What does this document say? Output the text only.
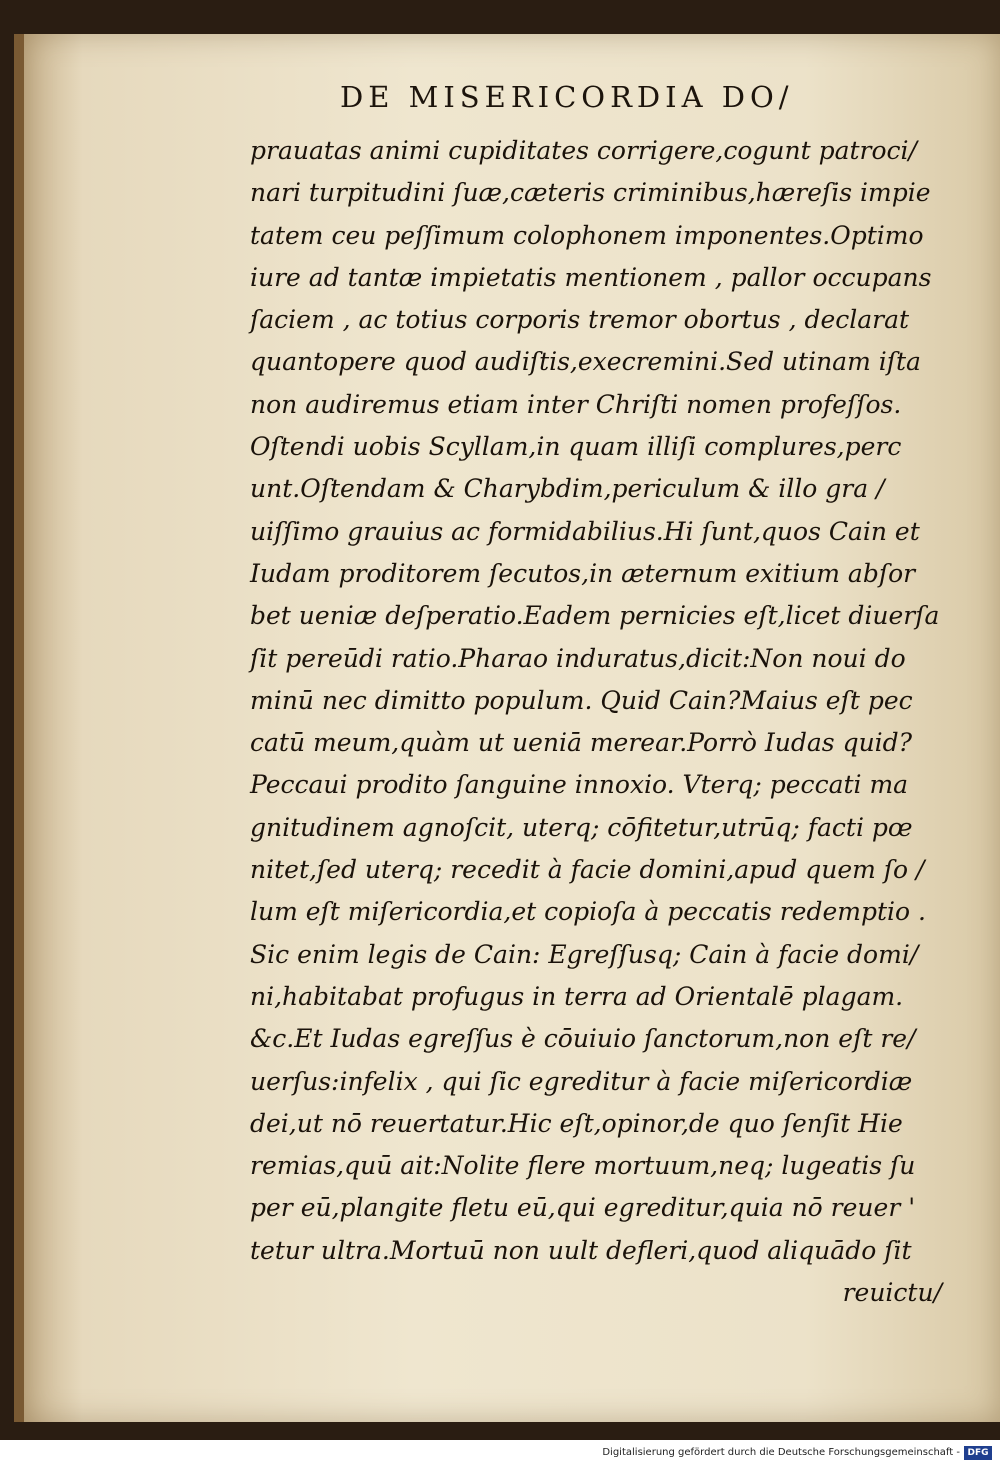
DE MISERICORDIA DO/
prauatas animi cupiditates corrigere,cogunt patroci/
nari turpitudini ſuæ,cæteris criminibus,hæreſis impie
tatem ceu peſſimum colophonem imponentes.Optimo
iure ad tantæ impietatis mentionem , pallor occupans
ſaciem , ac totius corporis tremor obortus , declarat
quantopere quod audiſtis,execremini.Sed utinam iſta
non audiremus etiam inter Chriſti nomen profeſſos.
Oſtendi uobis Scyllam,in quam illiſi complures,perc
unt.Oſtendam & Charybdim,periculum & illo gra /
uiſſimo grauius ac formidabilius.Hi ſunt,quos Cain et
Iudam proditorem ſecutos,in æternum exitium abſor
bet ueniæ deſperatio.Eadem pernicies eſt,licet diuerſa
ſit pereūdi ratio.Pharao induratus,dicit:Non noui do
minū nec dimitto populum. Quid Cain?Maius eſt pec
catū meum,quàm ut ueniā merear.Porrò Iudas quid?
Peccaui prodito ſanguine innoxio. Vterq; peccati ma
gnitudinem agnoſcit, uterq; cōfitetur,utrūq; facti pœ
nitet,ſed uterq; recedit à facie domini,apud quem ſo /
lum eſt miſericordia,et copioſa à peccatis redemptio .
Sic enim legis de Cain: Egreſſusq; Cain à facie domi/
ni,habitabat profugus in terra ad Orientalē plagam.
&c.Et Iudas egreſſus è cōuiuio ſanctorum,non eſt re/
uerſus:infelix , qui ſic egreditur à facie miſericordiæ
dei,ut nō reuertatur.Hic eſt,opinor,de quo ſenſit Hie
remias,quū ait:Nolite flere mortuum,neq; lugeatis ſu
per eū,plangite fletu eū,qui egreditur,quia nō reuer '
tetur ultra.Mortuū non uult defleri,quod aliquādo ſit
reuictu/
Digitalisierung gefördert durch die Deutsche Forschungsgemeinschaft - DFG
